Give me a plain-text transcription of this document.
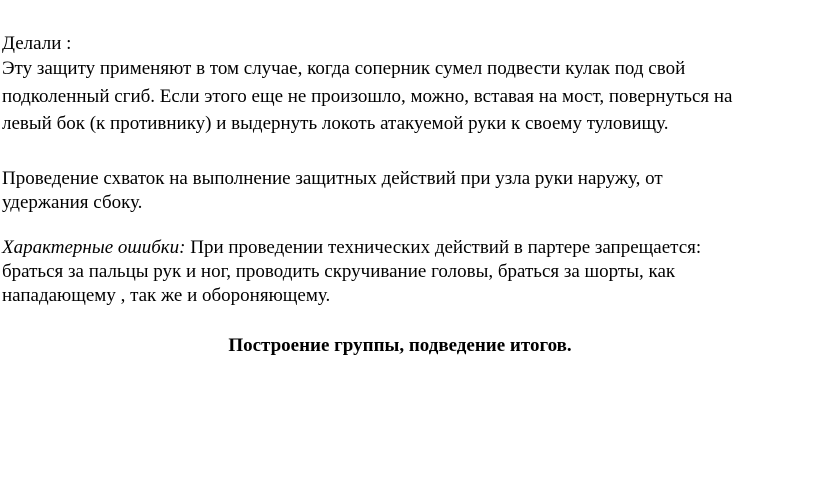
Делали :
Эту защиту применяют в том случае, когда соперник сумел подвести кулак под свой
подколенный сгиб. Если этого еще не произошло, можно, вставая на мост, повернуться на
левый бок (к противнику) и выдернуть локоть атакуемой руки к своему туловищу.
Проведение схваток на выполнение защитных действий при узла руки наружу, от
удержания сбоку.
Характерные ошибки: При проведении технических действий в партере запрещается:
браться за пальцы рук и ног, проводить скручивание головы, браться за шорты, как
нападающему , так же и обороняющему.
Построение группы, подведение итогов.
